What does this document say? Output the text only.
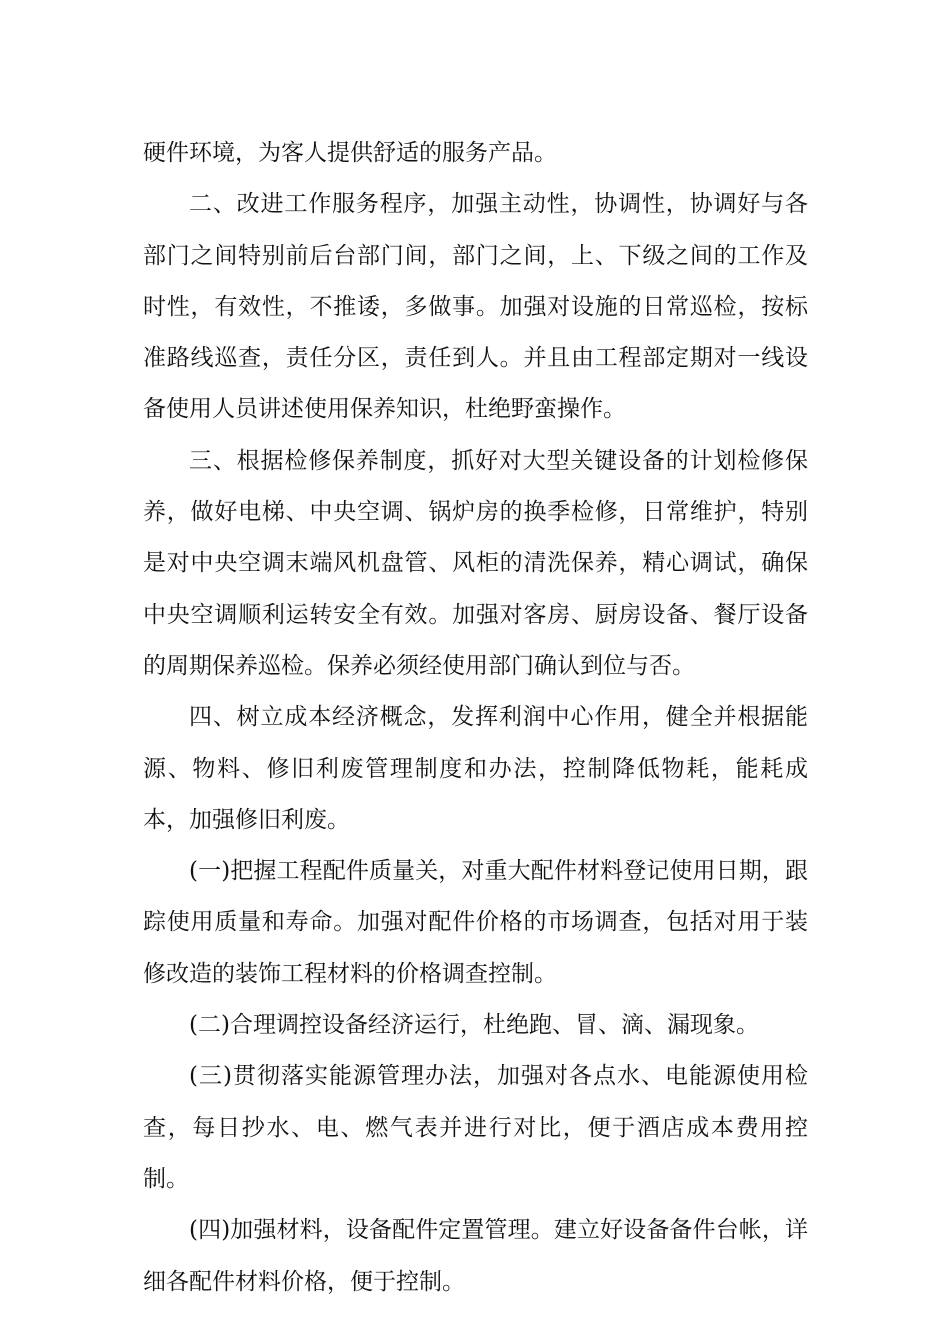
硬件环境，为客人提供舒适的服务产品。

二、改进工作服务程序，加强主动性，协调性，协调好与各部门之间特别前后台部门间，部门之间，上、下级之间的工作及时性，有效性，不推诿，多做事。加强对设施的日常巡检，按标准路线巡查，责任分区，责任到人。并且由工程部定期对一线设备使用人员讲述使用保养知识，杜绝野蛮操作。

三、根据检修保养制度，抓好对大型关键设备的计划检修保养，做好电梯、中央空调、锅炉房的换季检修，日常维护，特别是对中央空调末端风机盘管、风柜的清洗保养，精心调试，确保中央空调顺利运转安全有效。加强对客房、厨房设备、餐厅设备的周期保养巡检。保养必须经使用部门确认到位与否。

四、树立成本经济概念，发挥利润中心作用，健全并根据能源、物料、修旧利废管理制度和办法，控制降低物耗，能耗成本，加强修旧利废。

(一)把握工程配件质量关，对重大配件材料登记使用日期，跟踪使用质量和寿命。加强对配件价格的市场调查，包括对用于装修改造的装饰工程材料的价格调查控制。

(二)合理调控设备经济运行，杜绝跑、冒、滴、漏现象。

(三)贯彻落实能源管理办法，加强对各点水、电能源使用检查，每日抄水、电、燃气表并进行对比，便于酒店成本费用控制。

(四)加强材料，设备配件定置管理。建立好设备备件台帐，详细各配件材料价格，便于控制。
